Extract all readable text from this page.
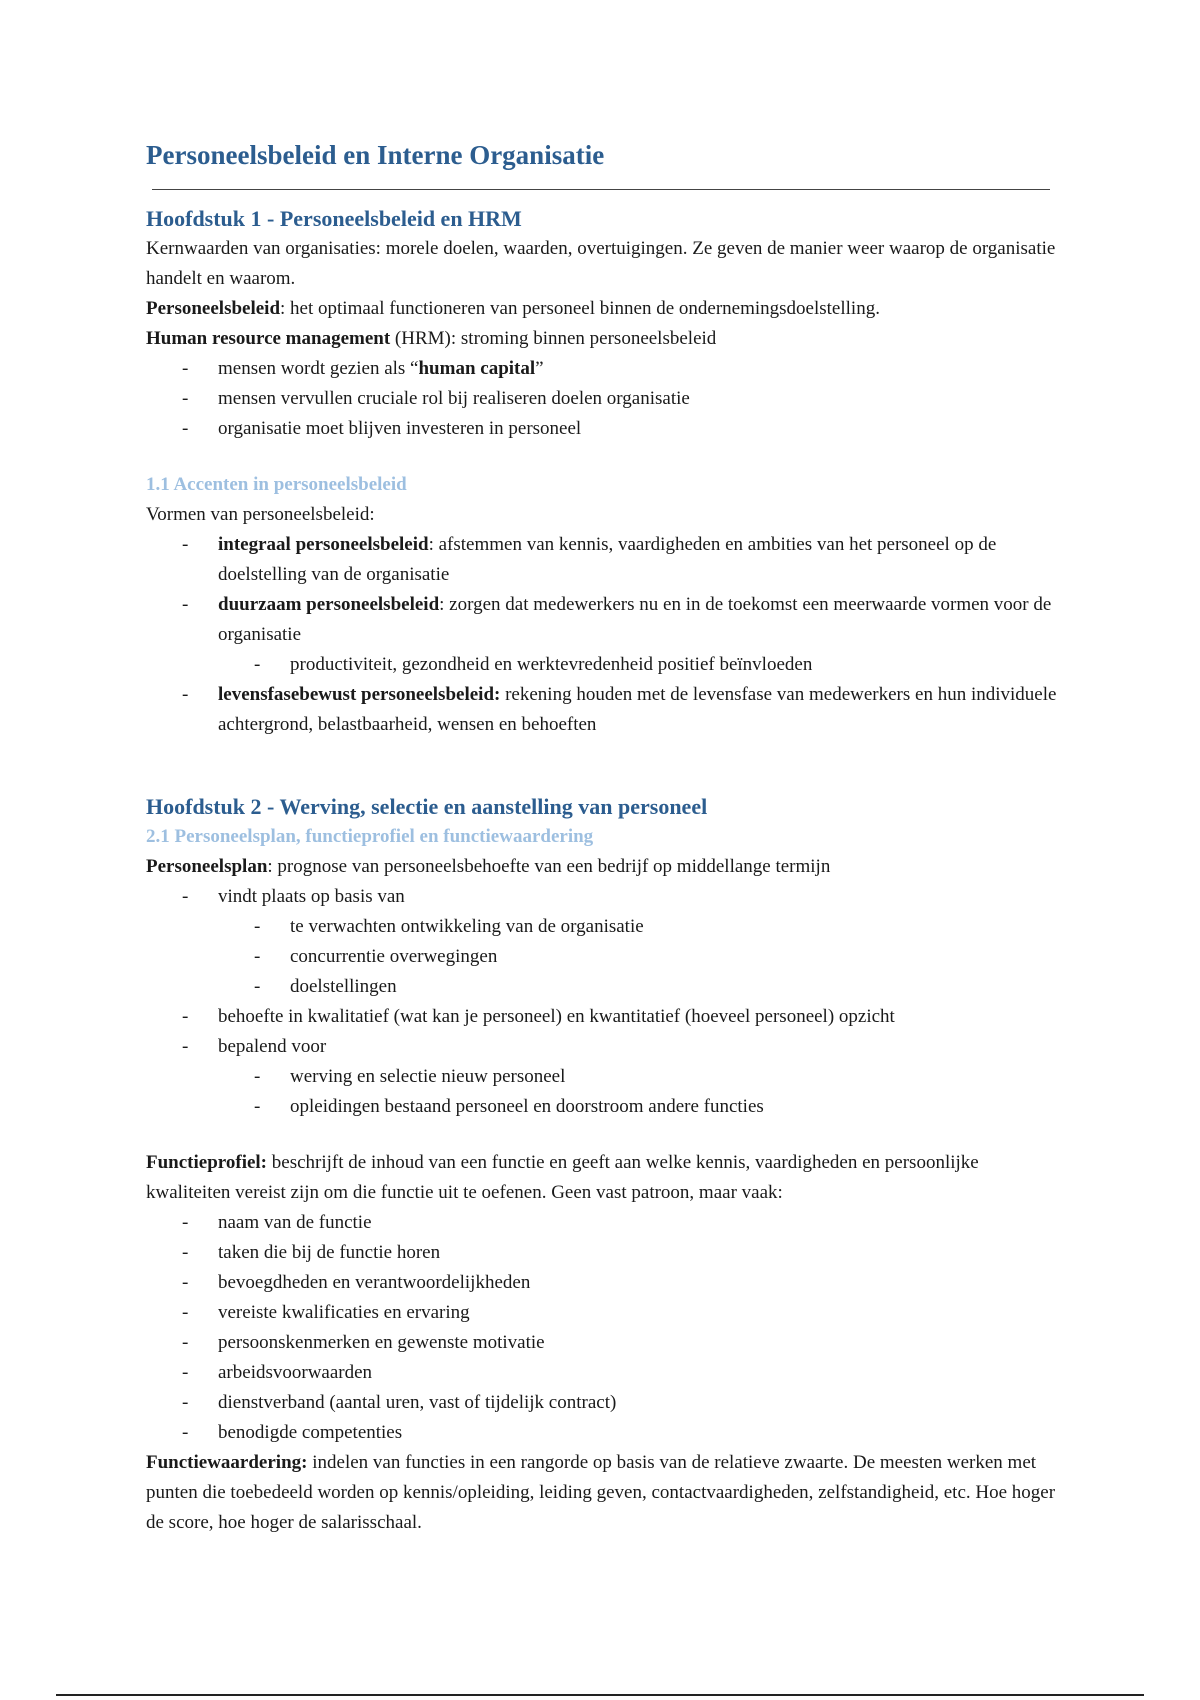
Personeelsbeleid en Interne Organisatie
Hoofdstuk 1 - Personeelsbeleid en HRM

Kernwaarden van organisaties: morele doelen, waarden, overtuigingen. Ze geven de manier weer waarop de organisatie handelt en waarom.

Personeelsbeleid: het optimaal functioneren van personeel binnen de ondernemingsdoelstelling.

Human resource management (HRM): stroming binnen personeelsbeleid

- mensen wordt gezien als “human capital”
- mensen vervullen cruciale rol bij realiseren doelen organisatie
- organisatie moet blijven investeren in personeel
1.1 Accenten in personeelsbeleid

Vormen van personeelsbeleid:

- integraal personeelsbeleid: afstemmen van kennis, vaardigheden en ambities van het personeel op de doelstelling van de organisatie
- duurzaam personeelsbeleid: zorgen dat medewerkers nu en in de toekomst een meerwaarde vormen voor de organisatie
- productiviteit, gezondheid en werktevredenheid positief beïnvloeden
- levensfasebewust personeelsbeleid: rekening houden met de levensfase van medewerkers en hun individuele achtergrond, belastbaarheid, wensen en behoeften
Hoofdstuk 2 - Werving, selectie en aanstelling van personeel
2.1 Personeelsplan, functieprofiel en functiewaardering

Personeelsplan: prognose van personeelsbehoefte van een bedrijf op middellange termijn

- vindt plaats op basis van
- te verwachten ontwikkeling van de organisatie
- concurrentie overwegingen
- doelstellingen
- behoefte in kwalitatief (wat kan je personeel) en kwantitatief (hoeveel personeel) opzicht
- bepalend voor
- werving en selectie nieuw personeel
- opleidingen bestaand personeel en doorstroom andere functies

Functieprofiel: beschrijft de inhoud van een functie en geeft aan welke kennis, vaardigheden en persoonlijke kwaliteiten vereist zijn om die functie uit te oefenen. Geen vast patroon, maar vaak:

- naam van de functie
- taken die bij de functie horen
- bevoegdheden en verantwoordelijkheden
- vereiste kwalificaties en ervaring
- persoonskenmerken en gewenste motivatie
- arbeidsvoorwaarden
- dienstverband (aantal uren, vast of tijdelijk contract)
- benodigde competenties

Functiewaardering: indelen van functies in een rangorde op basis van de relatieve zwaarte. De meesten werken met punten die toebedeeld worden op kennis/opleiding, leiding geven, contactvaardigheden, zelfstandigheid, etc. Hoe hoger de score, hoe hoger de salarisschaal.
